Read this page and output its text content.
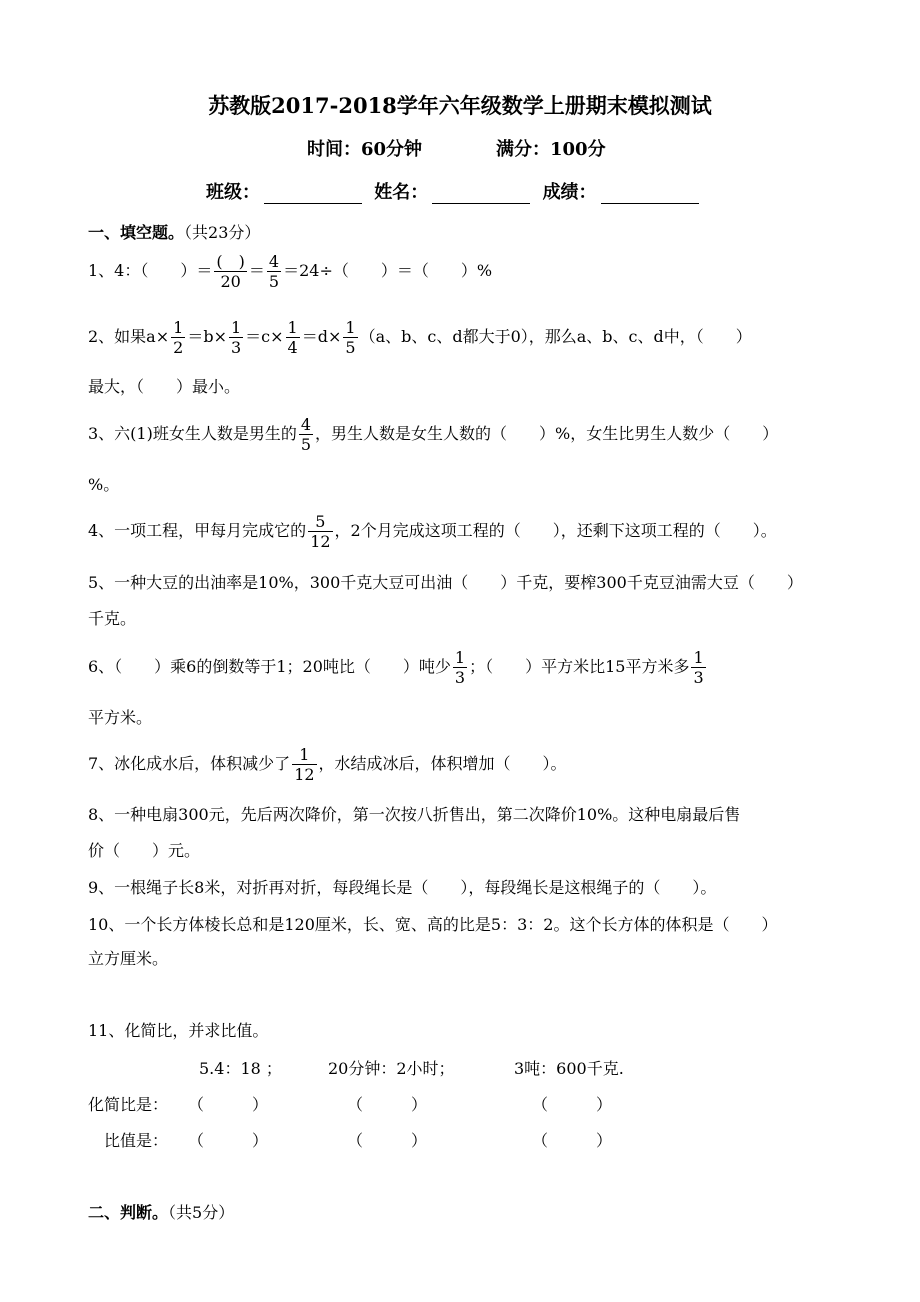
苏教版2017-2018学年六年级数学上册期末模拟测试
时间：60分钟	满分：100分
班级：	姓名：	成绩：
一、填空题。（共23分）
1、4：（　　）＝ $\frac{( )}{20} = \frac{4}{5} =24\div$（　　）＝（　　）%
2、如果$a\times \frac{1}{2} =b\times \frac{1}{3} =c\times \frac{1}{4} =d\times \frac{1}{5} (a$、b、c、d都大于0），那么a、b、c、d中，（　　）
最大，（　　）最小。
3、六(1)班女生人数是男生的 $\frac{4}{5}$ ，男生人数是女生人数的（　　）%，女生比男生人数少（　　）
%。
4、一项工程，甲每月完成它的 $\frac{5}{12}$ ，2个月完成这项工程的（　　），还剩下这项工程的（　　）。
5、一种大豆的出油率是10%，300千克大豆可出油（　　）千克，要榨300千克豆油需大豆（　　）
千克。
6、（　　）乘6的倒数等于1；20吨比（　　）吨少 $\frac{1}{3}$ ；（　　）平方米比15平方米多 $\frac{1}{3}$
平方米。
7、冰化成水后，体积减少了 $\frac{1}{12}$ ，水结成冰后，体积增加（　　）。
8、一种电扇300元，先后两次降价，第一次按八折售出，第二次降价10%。这种电扇最后售
价（　　）元。
9、一根绳子长8米，对折再对折，每段绳长是（　　），每段绳长是这根绳子的（　　）。
10、一个长方体棱长总和是120厘米，长、宽、高的比是5：3：2。这个长方体的体积是（　　）
立方厘米。
11、化简比，并求比值。
5.4：18 ；	20分钟：2小时；	3吨：600千克.
化简比是： （　　　）	（　　　）	（　　　）
比值是： （　　　）	（　　　）	（　　　）
二、判断。（共5分）
